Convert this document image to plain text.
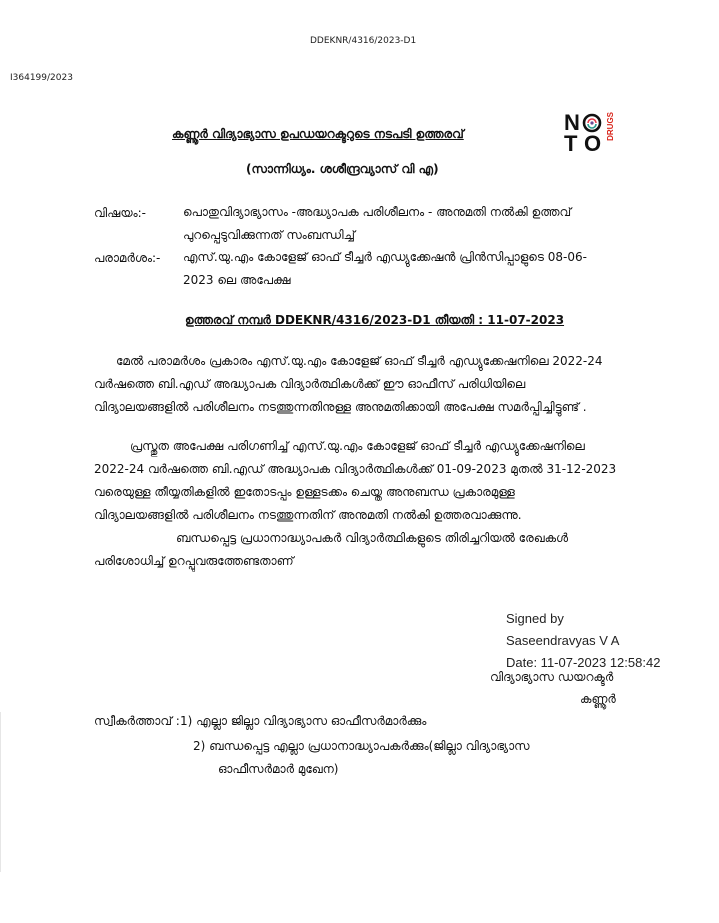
DDEKNR/4316/2023-D1
I364199/2023
N
T O
DRUGS
കണ്ണൂർ വിദ്യാഭ്യാസ ഉപഡയറക്ടറുടെ നടപടി ഉത്തരവ്
(സാന്നിധ്യം. ശശീന്ദ്രവ്യാസ് വി എ)
വിഷയം:-	പൊതുവിദ്യാഭ്യാസം -അദ്ധ്യാപക പരിശീലനം - അനുമതി നൽകി ഉത്തവ്
പുറപ്പെടുവിക്കുന്നത് സംബന്ധിച്ച്
പരാമർശം:- എസ്.യു.എം കോളേജ് ഓഫ് ടീച്ചർ എഡ്യുക്കേഷൻ പ്രിൻസിപ്പാളുടെ 08-06-
2023 ലെ അപേക്ഷ
ഉത്തരവ് നമ്പർ DDEKNR/4316/2023-D1 തീയതി : 11-07-2023
മേൽ പരാമർശം പ്രകാരം എസ്.യു.എം കോളേജ് ഓഫ് ടീച്ചർ എഡ്യുക്കേഷനിലെ 2022-24
വർഷത്തെ ബി.എഡ് അദ്ധ്യാപക വിദ്യാർത്ഥികൾക്ക് ഈ ഓഫീസ് പരിധിയിലെ
വിദ്യാലയങ്ങളിൽ പരിശീലനം നടത്തുന്നതിനുള്ള അനുമതിക്കായി അപേക്ഷ സമർപ്പിച്ചിട്ടുണ്ട് .
പ്രസ്തുത അപേക്ഷ പരിഗണിച്ച് എസ്.യു.എം കോളേജ് ഓഫ് ടീച്ചർ എഡ്യുക്കേഷനിലെ
2022-24 വർഷത്തെ ബി.എഡ് അദ്ധ്യാപക വിദ്യാർത്ഥികൾക്ക് 01-09-2023 മുതൽ 31-12-2023
വരെയുള്ള തീയ്യതികളിൽ ഇതോടപ്പം ഉള്ളടക്കം ചെയ്ത അനുബന്ധ പ്രകാരമുള്ള
വിദ്യാലയങ്ങളിൽ പരിശീലനം നടത്തുന്നതിന് അനുമതി നൽകി ഉത്തരവാക്കുന്നു.
ബന്ധപ്പെട്ട പ്രധാനാദ്ധ്യാപകർ വിദ്യാർത്ഥികളുടെ തിരിച്ചറിയൽ രേഖകൾ
പരിശോധിച്ച് ഉറപ്പുവരുത്തേണ്ടതാണ്
Signed by
Saseendravyas V A
Date: 11-07-2023 12:58:42
വിദ്യാഭ്യാസ ഡയറക്ടർ
കണ്ണൂർ
സ്വീകർത്താവ് : 1) എല്ലാ ജില്ലാ വിദ്യാഭ്യാസ ഓഫീസർമാർക്കും
2) ബന്ധപ്പെട്ട എല്ലാ പ്രധാനാദ്ധ്യാപകർക്കും(ജില്ലാ വിദ്യാഭ്യാസ
ഓഫീസർമാർ മുഖേന)
